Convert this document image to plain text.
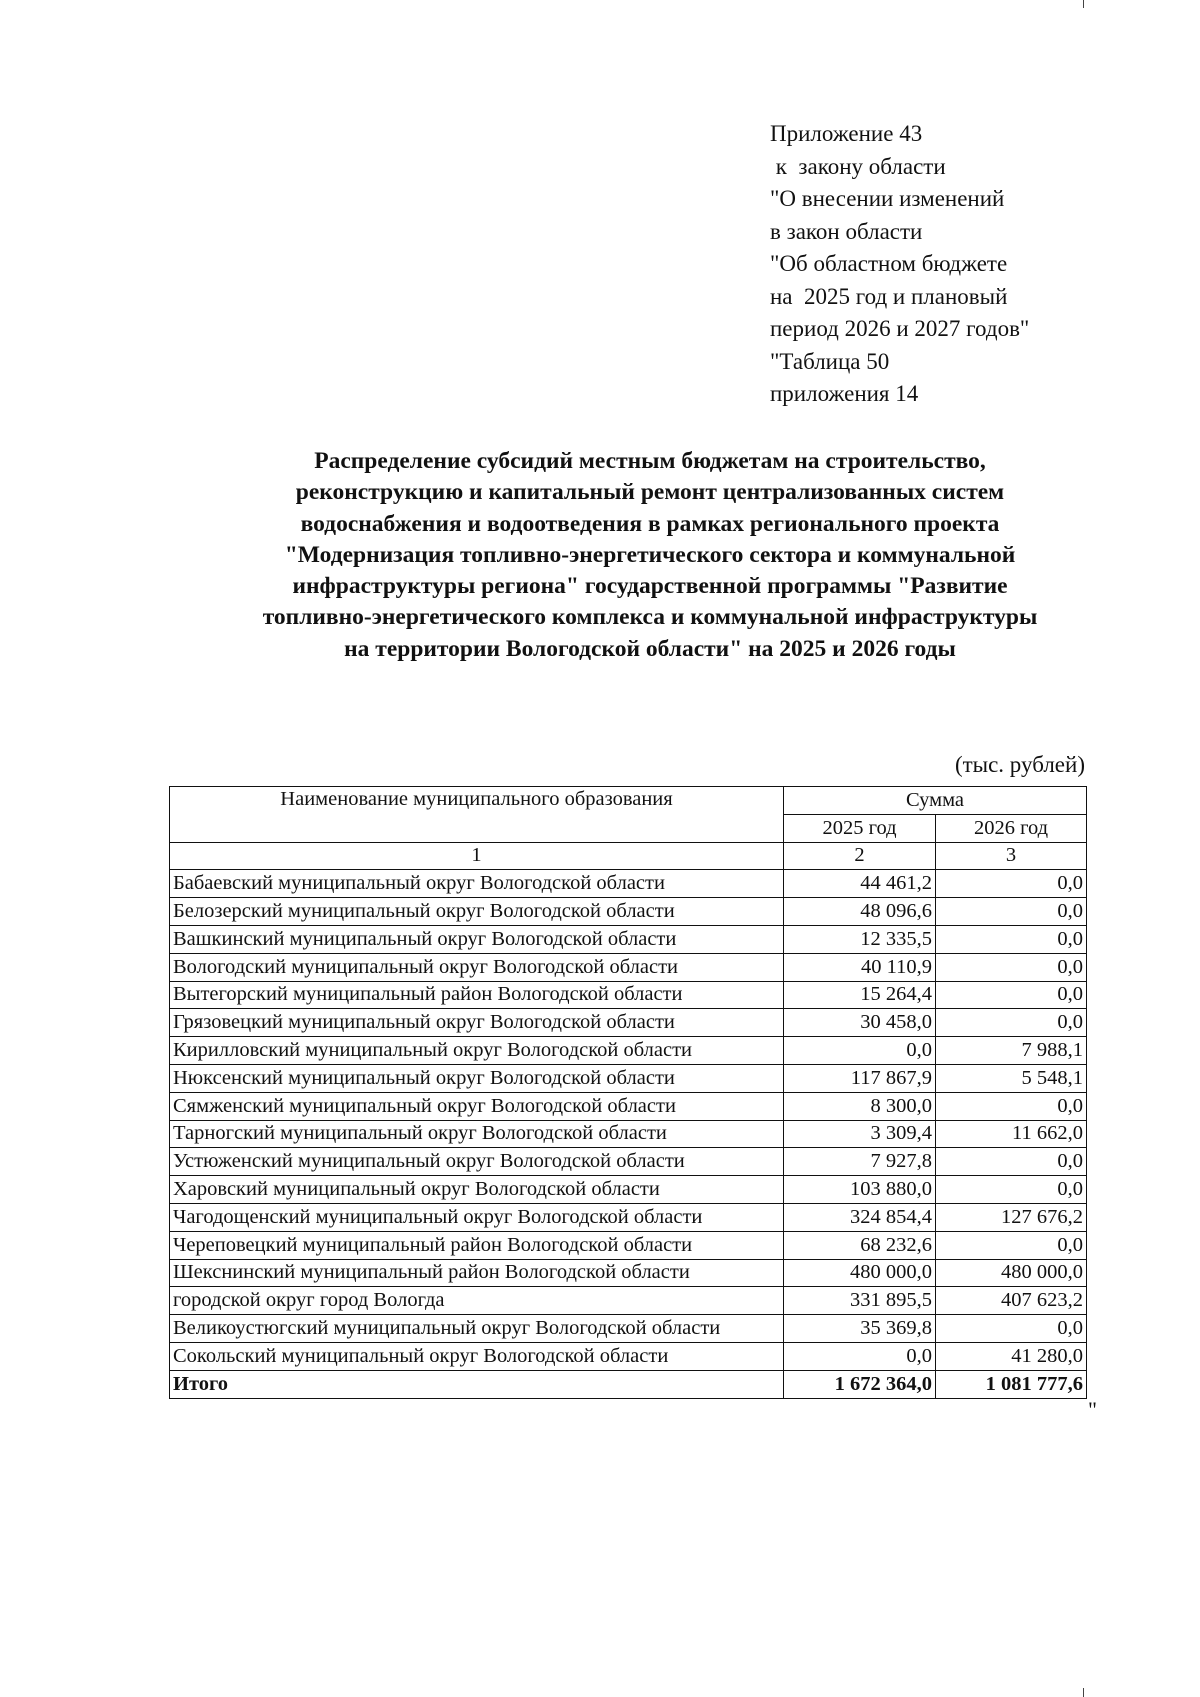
Приложение 43
к  закону области
"О внесении изменений
в закон области
"Об областном бюджете
на  2025 год и плановый
период 2026 и 2027 годов"
"Таблица 50
приложения 14
Распределение субсидий местным бюджетам на строительство,
реконструкцию и капитальный ремонт централизованных систем
водоснабжения и водоотведения в рамках регионального проекта
"Модернизация топливно-энергетического сектора и коммунальной
инфраструктуры региона" государственной программы "Развитие
топливно-энергетического комплекса и коммунальной инфраструктуры
на территории Вологодской области" на 2025 и 2026 годы
(тыс. рублей)
Наименование муниципального образования	Сумма	
	2025 год	2026 год
1	2	3
Бабаевский муниципальный округ Вологодской области	44 461,2	0,0
Белозерский муниципальный округ Вологодской области	48 096,6	0,0
Вашкинский муниципальный округ Вологодской области	12 335,5	0,0
Вологодский муниципальный округ Вологодской области	40 110,9	0,0
Вытегорский муниципальный район Вологодской области	15 264,4	0,0
Грязовецкий муниципальный округ Вологодской области	30 458,0	0,0
Кирилловский муниципальный округ Вологодской области	0,0	7 988,1
Нюксенский муниципальный округ Вологодской области	117 867,9	5 548,1
Сямженский муниципальный округ Вологодской области	8 300,0	0,0
Тарногский муниципальный округ Вологодской области	3 309,4	11 662,0
Устюженский муниципальный округ Вологодской области	7 927,8	0,0
Харовский муниципальный округ Вологодской области	103 880,0	0,0
Чагодощенский муниципальный округ Вологодской области	324 854,4	127 676,2
Череповецкий муниципальный район Вологодской области	68 232,6	0,0
Шекснинский муниципальный район Вологодской области	480 000,0	480 000,0
городской округ город Вологда	331 895,5	407 623,2
Великоустюгский муниципальный округ Вологодской области	35 369,8	0,0
Сокольский муниципальный округ Вологодской области	0,0	41 280,0
Итого	1 672 364,0	1 081 777,6
"
